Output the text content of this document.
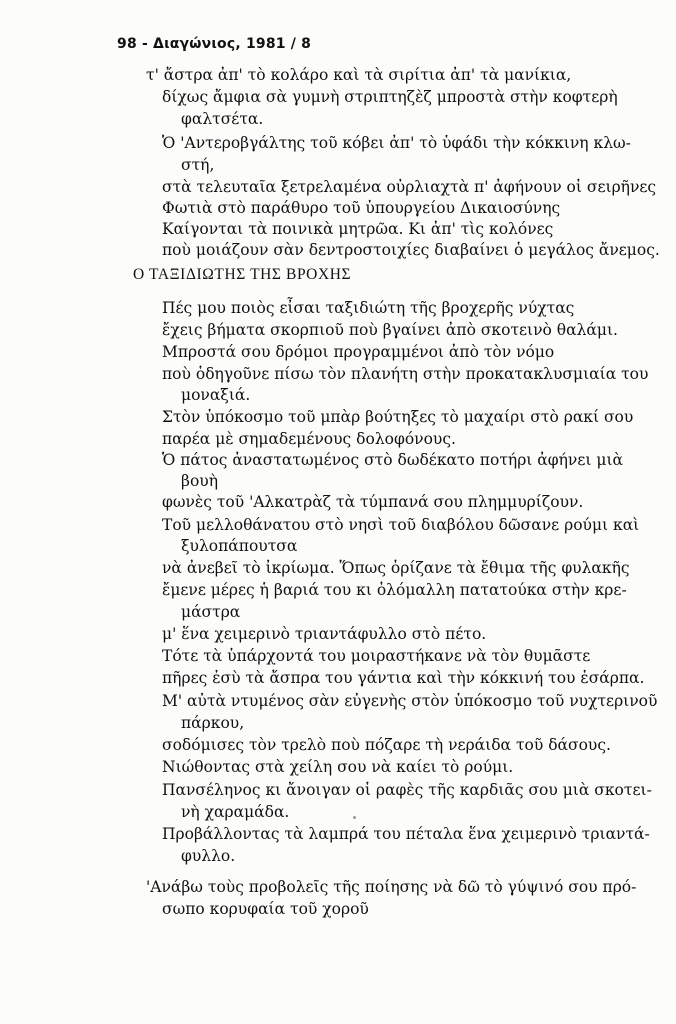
98 - Διαγώνιος, 1981 / 8
τ' ἄστρα ἀπ' τὸ κολάρο καὶ τὰ σιρίτια ἀπ' τὰ μανίκια,
δίχως ἄμφια σὰ γυμνὴ στριπτηζὲζ μπροστὰ στὴν κοφτερὴ
φαλτσέτα.
Ὁ 'Αντεροβγάλτης τοῦ κόβει ἀπ' τὸ ὑφάδι τὴν κόκκινη κλω-
στή,
στὰ τελευταῖα ξετρελαμένα οὐρλιαχτὰ π' ἀφήνουν οἱ σειρῆνες
Φωτιὰ στὸ παράθυρο τοῦ ὑπουργείου Δικαιοσύνης
Καίγονται τὰ ποινικὰ μητρῶα. Κι ἀπ' τὶς κολόνες
ποὺ μοιάζουν σὰν δεντροστοιχίες διαβαίνει ὁ μεγάλος ἄνεμος.
Ο ΤΑΞΙΔΙΩΤΗΣ ΤΗΣ ΒΡΟΧΗΣ
Πές μου ποιὸς εἶσαι ταξιδιώτη τῆς βροχερῆς νύχτας
ἔχεις βήματα σκορπιοῦ ποὺ βγαίνει ἀπὸ σκοτεινὸ θαλάμι.
Μπροστά σου δρόμοι προγραμμένοι ἀπὸ τὸν νόμο
ποὺ ὁδηγοῦνε πίσω τὸν πλανήτη στὴν προκατακλυσμιαία του
μοναξιά.
Στὸν ὑπόκοσμο τοῦ μπὰρ βούτηξες τὸ μαχαίρι στὸ ρακί σου
παρέα μὲ σημαδεμένους δολοφόνους.
Ὁ πάτος ἀναστατωμένος στὸ δωδέκατο ποτήρι ἀφήνει μιὰ
βουὴ
φωνὲς τοῦ 'Αλκατρὰζ τὰ τύμπανά σου πλημμυρίζουν.
Τοῦ μελλοθάνατου στὸ νησὶ τοῦ διαβόλου δῶσανε ρούμι καὶ
ξυλοπάπουτσα
νὰ ἀνεβεῖ τὸ ἰκρίωμα. Ὅπως ὁρίζανε τὰ ἔθιμα τῆς φυλακῆς
ἔμενε μέρες ἡ βαριά του κι ὁλόμαλλη πατατούκα στὴν κρε-
μάστρα
μ' ἕνα χειμερινὸ τριαντάφυλλο στὸ πέτο.
Τότε τὰ ὑπάρχοντά του μοιραστήκανε νὰ τὸν θυμᾶστε
πῆρες ἐσὺ τὰ ἄσπρα του γάντια καὶ τὴν κόκκινή του ἐσάρπα.
Μ' αὐτὰ ντυμένος σὰν εὐγενὴς στὸν ὑπόκοσμο τοῦ νυχτερινοῦ
πάρκου,
σοδόμισες τὸν τρελὸ ποὺ πόζαρε τὴ νεράιδα τοῦ δάσους.
Νιώθοντας στὰ χείλη σου νὰ καίει τὸ ρούμι.
Πανσέληνος κι ἄνοιγαν οἱ ραφὲς τῆς καρδιᾶς σου μιὰ σκοτει-
νὴ χαραμάδα.
Προβάλλοντας τὰ λαμπρά του πέταλα ἕνα χειμερινὸ τριαντά-
φυλλο.
'Ανάβω τοὺς προβολεῖς τῆς ποίησης νὰ δῶ τὸ γύψινό σου πρό-
σωπο κορυφαία τοῦ χοροῦ
